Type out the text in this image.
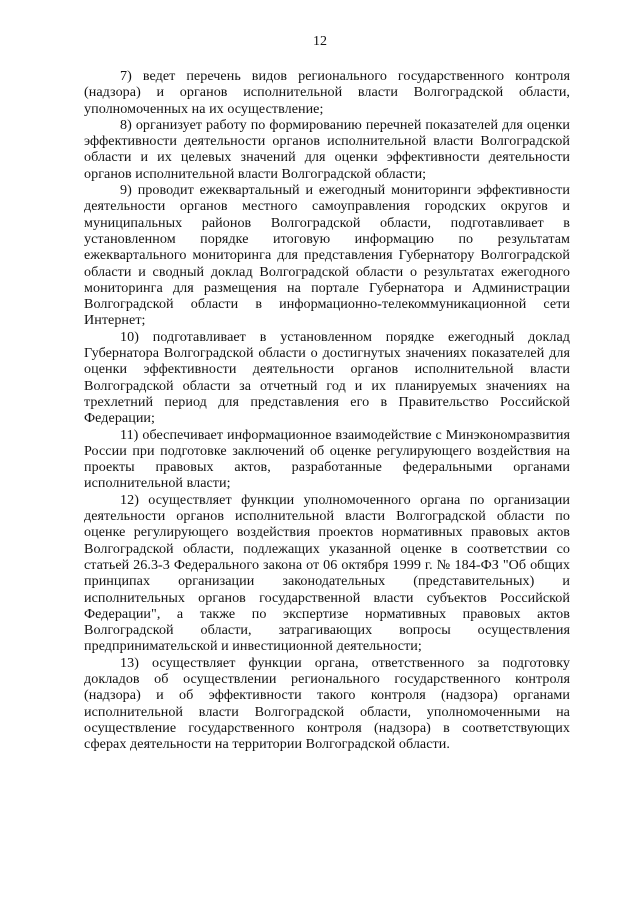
12

7) ведет перечень видов регионального государственного контроля (надзора) и органов исполнительной власти Волгоградской области, уполномоченных на их осуществление;

8) организует работу по формированию перечней показателей для оценки эффективности деятельности органов исполнительной власти Волгоградской области и их целевых значений для оценки эффективности деятельности органов исполнительной власти Волгоградской области;

9) проводит ежеквартальный и ежегодный мониторинги эффективности деятельности органов местного самоуправления городских округов и муниципальных районов Волгоградской области, подготавливает в установленном порядке итоговую информацию по результатам ежеквартального мониторинга для представления Губернатору Волгоградской области и сводный доклад Волгоградской области о результатах ежегодного мониторинга для размещения на портале Губернатора и Администрации Волгоградской области в информационно-телекоммуникационной сети Интернет;

10) подготавливает в установленном порядке ежегодный доклад Губернатора Волгоградской области о достигнутых значениях показателей для оценки эффективности деятельности органов исполнительной власти Волгоградской области за отчетный год и их планируемых значениях на трехлетний период для представления его в Правительство Российской Федерации;

11) обеспечивает информационное взаимодействие с Минэкономразвития России при подготовке заключений об оценке регулирующего воздействия на проекты правовых актов, разработанные федеральными органами исполнительной власти;

12) осуществляет функции уполномоченного органа по организации деятельности органов исполнительной власти Волгоградской области по оценке регулирующего воздействия проектов нормативных правовых актов Волгоградской области, подлежащих указанной оценке в соответствии со статьей 26.3-3 Федерального закона от 06 октября 1999 г. № 184-ФЗ "Об общих принципах организации законодательных (представительных) и исполнительных органов государственной власти субъектов Российской Федерации", а также по экспертизе нормативных правовых актов Волгоградской области, затрагивающих вопросы осуществления предпринимательской и инвестиционной деятельности;

13) осуществляет функции органа, ответственного за подготовку докладов об осуществлении регионального государственного контроля (надзора) и об эффективности такого контроля (надзора) органами исполнительной власти Волгоградской области, уполномоченными на осуществление государственного контроля (надзора) в соответствующих сферах деятельности на территории Волгоградской области.
